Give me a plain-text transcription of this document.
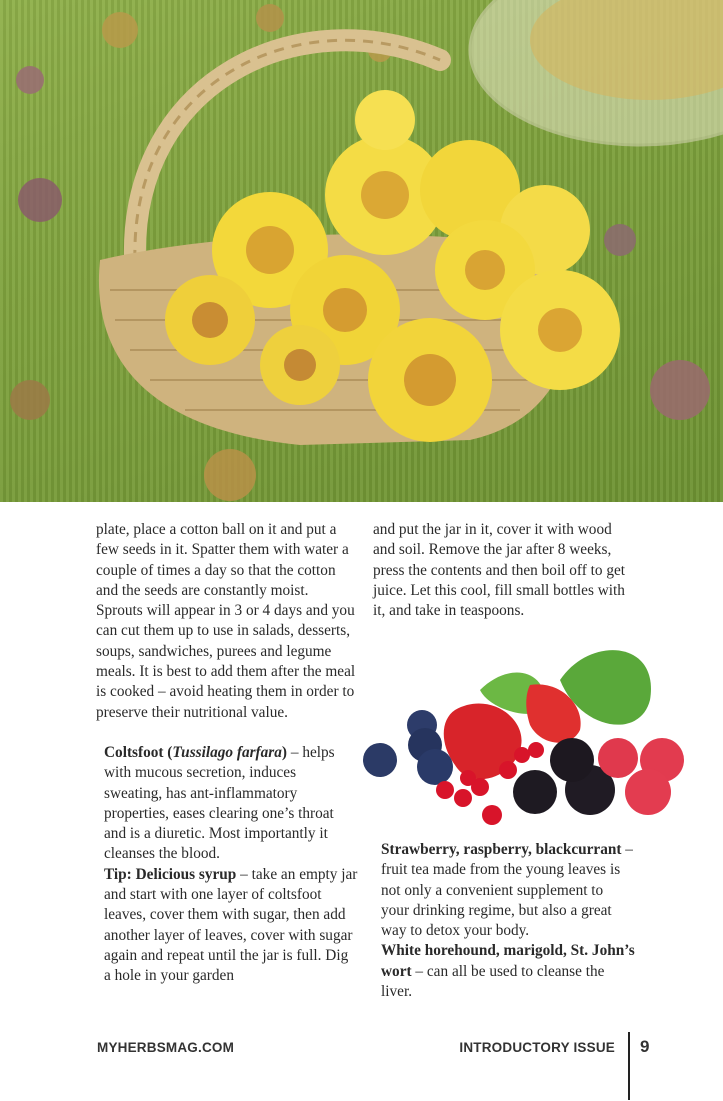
plate, place a cotton ball on it and put a few seeds in it. Spatter them with water a couple of times a day so that the cotton and the seeds are constantly moist. Sprouts will appear in 3 or 4 days and you can cut them up to use in salads, desserts, soups, sandwiches, purees and legume meals. It is best to add them after the meal is cooked – avoid heating them in order to preserve their nutritional value.

Coltsfoot (Tussilago farfara) – helps with mucous secretion, induces sweating, has ant-inflammatory properties, eases clearing one’s throat and is a diuretic. Most importantly it cleanses the blood.

Tip: Delicious syrup – take an empty jar and start with one layer of coltsfoot leaves, cover them with sugar, then add another layer of leaves, cover with sugar again and repeat until the jar is full. Dig a hole in your garden

and put the jar in it, cover it with wood and soil. Remove the jar after 8 weeks, press the contents and then boil off to get juice. Let this cool, fill small bottles with it, and take in teaspoons.

Strawberry, raspberry, blackcurrant – fruit tea made from the young leaves is not only a convenient supplement to your drinking regime, but also a great way to detox your body.

White horehound, marigold, St. John’s wort – can all be used to cleanse the liver.

MYHERBSMAG.COM	INTRODUCTORY ISSUE 9
